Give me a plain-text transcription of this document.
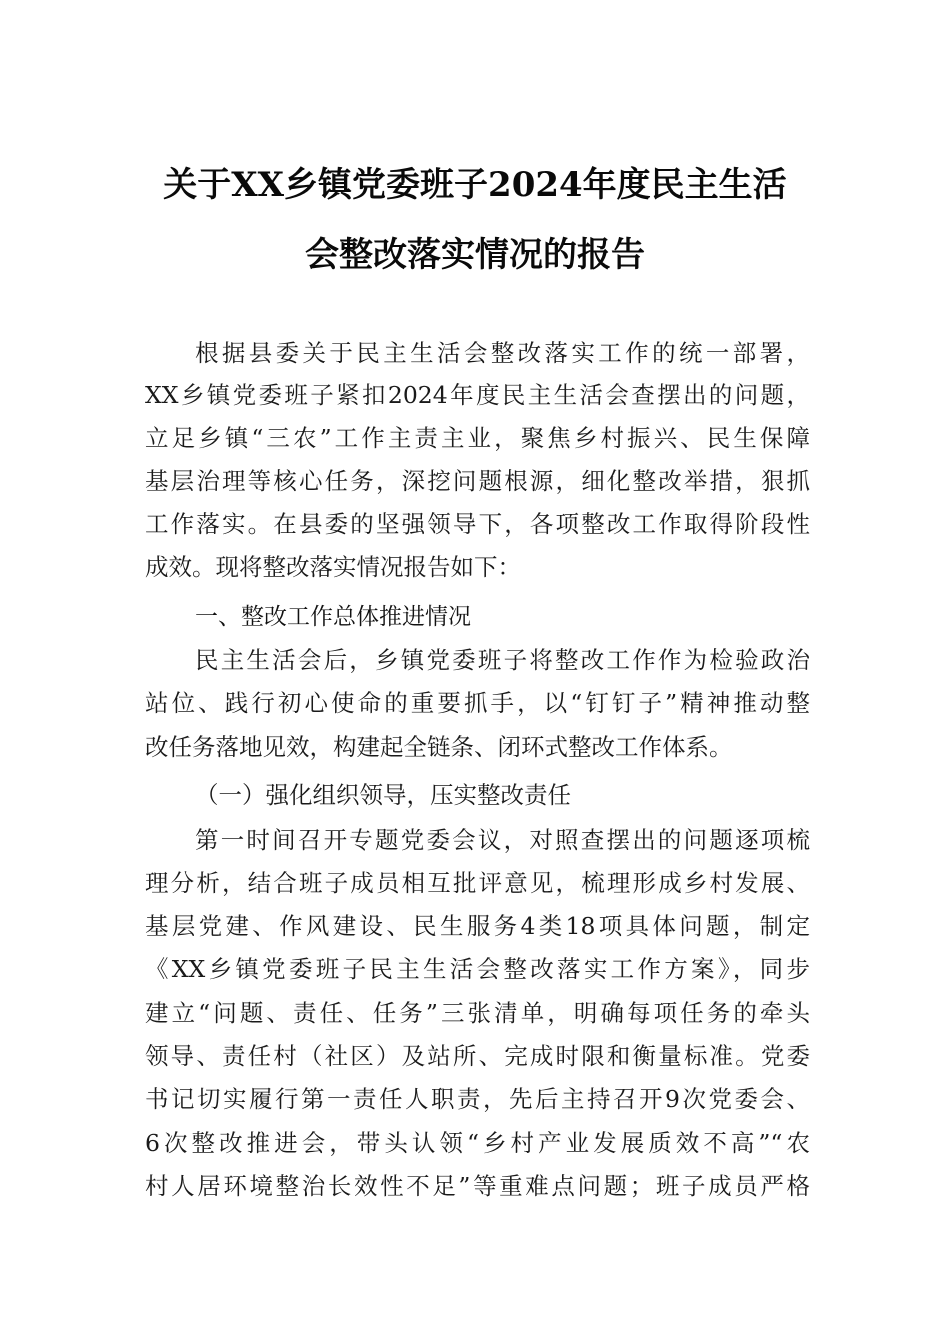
关于XX乡镇党委班子2024年度民主生活
会整改落实情况的报告
根据县委关于民主生活会整改落实工作的统一部署，
XX乡镇党委班子紧扣2024年度民主生活会查摆出的问题，
立足乡镇“三农”工作主责主业，聚焦乡村振兴、民生保障
基层治理等核心任务，深挖问题根源，细化整改举措，狠抓
工作落实。在县委的坚强领导下，各项整改工作取得阶段性
成效。现将整改落实情况报告如下：
一、整改工作总体推进情况
民主生活会后，乡镇党委班子将整改工作作为检验政治
站位、践行初心使命的重要抓手，以“钉钉子”精神推动整
改任务落地见效，构建起全链条、闭环式整改工作体系。
（一）强化组织领导，压实整改责任
第一时间召开专题党委会议，对照查摆出的问题逐项梳
理分析，结合班子成员相互批评意见，梳理形成乡村发展、
基层党建、作风建设、民生服务4类18项具体问题，制定
《XX乡镇党委班子民主生活会整改落实工作方案》，同步
建立“问题、责任、任务”三张清单，明确每项任务的牵头
领导、责任村（社区）及站所、完成时限和衡量标准。党委
书记切实履行第一责任人职责，先后主持召开9次党委会、
6次整改推进会，带头认领“乡村产业发展质效不高”“农
村人居环境整治长效性不足”等重难点问题；班子成员严格
